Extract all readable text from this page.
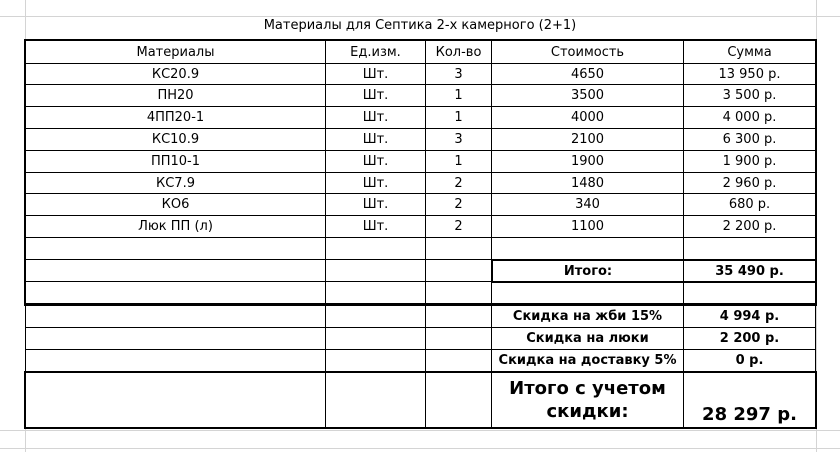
Материалы для Септика 2-х камерного (2+1)
Материалы	Ед.изм.	Кол-во	Стоимость	Сумма
КС20.9	Шт.	3	4650	13 950 р.
ПН20	Шт.	1	3500	3 500 р.
4ПП20-1	Шт.	1	4000	4 000 р.
КС10.9	Шт.	3	2100	6 300 р.
ПП10-1	Шт.	1	1900	1 900 р.
КС7.9	Шт.	2	1480	2 960 р.
КО6	Шт.	2	340	680 р.
Люк ПП (л)	Шт.	2	1100	2 200 р.
Итого:	35 490 р.
Скидка на жби 15%	4 994 р.
Скидка на люки	2 200 р.
Скидка на доставку 5%	0 р.
Итого с учетом скидки:	28 297 р.
